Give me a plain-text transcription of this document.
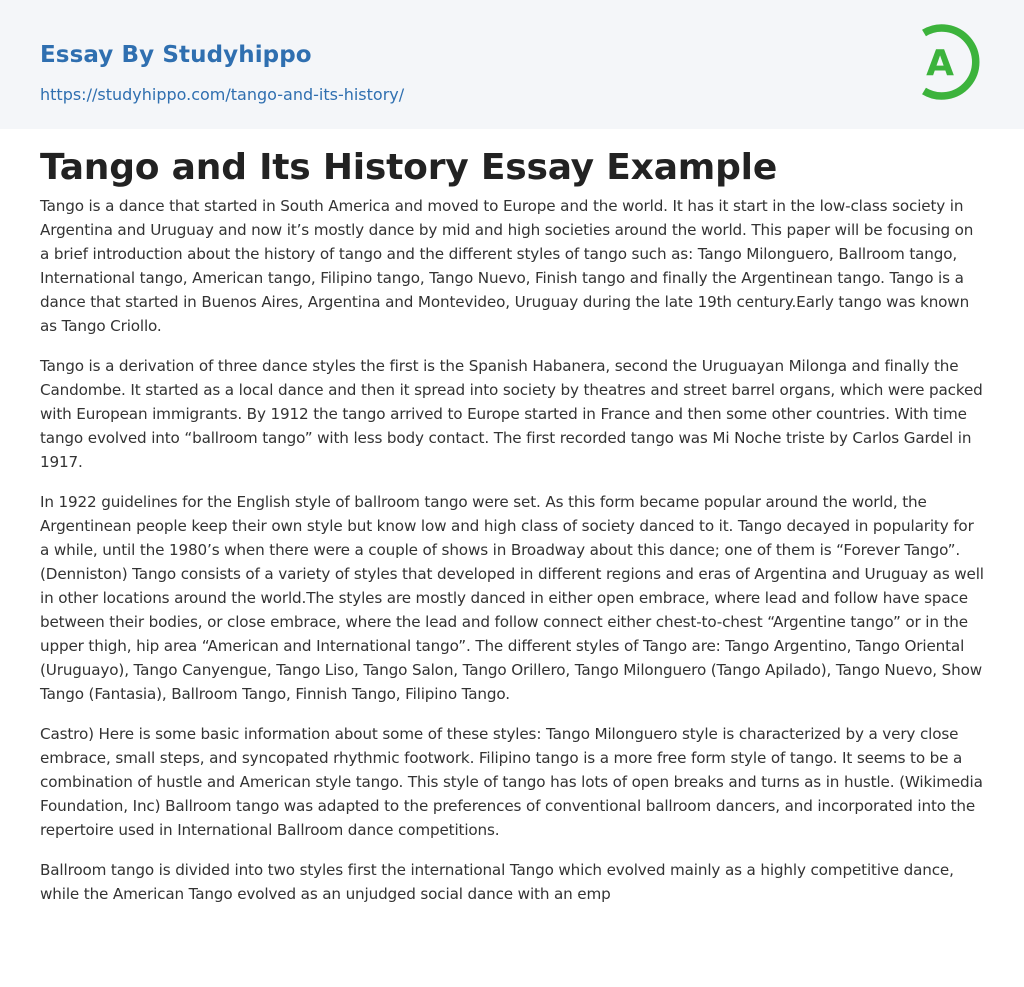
Essay By Studyhippo
https://studyhippo.com/tango-and-its-history/
A
Tango and Its History Essay Example

Tango is a dance that started in South America and moved to Europe and the world. It has it start in the low-class society in Argentina and Uruguay and now it’s mostly dance by mid and high societies around the world. This paper will be focusing on a brief introduction about the history of tango and the different styles of tango such as: Tango Milonguero, Ballroom tango, International tango, American tango, Filipino tango, Tango Nuevo, Finish tango and finally the Argentinean tango. Tango is a dance that started in Buenos Aires, Argentina and Montevideo, Uruguay during the late 19th century.Early tango was known as Tango Criollo.

Tango is a derivation of three dance styles the first is the Spanish Habanera, second the Uruguayan Milonga and finally the Candombe. It started as a local dance and then it spread into society by theatres and street barrel organs, which were packed with European immigrants. By 1912 the tango arrived to Europe started in France and then some other countries. With time tango evolved into “ballroom tango” with less body contact. The first recorded tango was Mi Noche triste by Carlos Gardel in 1917.

In 1922 guidelines for the English style of ballroom tango were set. As this form became popular around the world, the Argentinean people keep their own style but know low and high class of society danced to it. Tango decayed in popularity for a while, until the 1980’s when there were a couple of shows in Broadway about this dance; one of them is “Forever Tango”. (Denniston) Tango consists of a variety of styles that developed in different regions and eras of Argentina and Uruguay as well in other locations around the world.The styles are mostly danced in either open embrace, where lead and follow have space between their bodies, or close embrace, where the lead and follow connect either chest-to-chest “Argentine tango” or in the upper thigh, hip area “American and International tango”. The different styles of Tango are: Tango Argentino, Tango Oriental (Uruguayo), Tango Canyengue, Tango Liso, Tango Salon, Tango Orillero, Tango Milonguero (Tango Apilado), Tango Nuevo, Show Tango (Fantasia), Ballroom Tango, Finnish Tango, Filipino Tango.

Castro) Here is some basic information about some of these styles: Tango Milonguero style is characterized by a very close embrace, small steps, and syncopated rhythmic footwork. Filipino tango is a more free form style of tango. It seems to be a combination of hustle and American style tango. This style of tango has lots of open breaks and turns as in hustle. (Wikimedia Foundation, Inc) Ballroom tango was adapted to the preferences of conventional ballroom dancers, and incorporated into the repertoire used in International Ballroom dance competitions.

Ballroom tango is divided into two styles first the international Tango which evolved mainly as a highly competitive dance, while the American Tango evolved as an unjudged social dance with an emp
